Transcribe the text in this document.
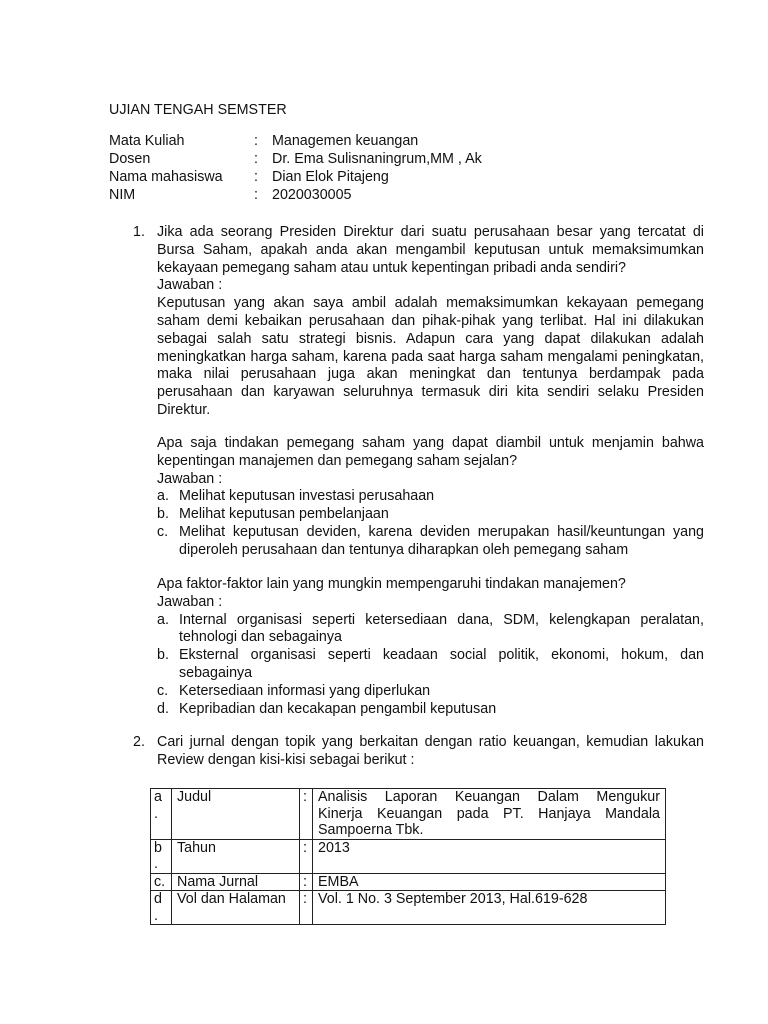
UJIAN TENGAH SEMSTER
Mata Kuliah	: Managemen keuangan
Dosen	: Dr. Ema Sulisnaningrum,MM , Ak
Nama mahasiswa	: Dian Elok Pitajeng
NIM	: 2020030005
1. Jika ada seorang Presiden Direktur dari suatu perusahaan besar yang tercatat di
Bursa Saham, apakah anda akan mengambil keputusan untuk memaksimumkan
kekayaan pemegang saham atau untuk kepentingan pribadi anda sendiri?
Jawaban :
Keputusan yang akan saya ambil adalah memaksimumkan kekayaan pemegang
saham demi kebaikan perusahaan dan pihak-pihak yang terlibat. Hal ini dilakukan
sebagai salah satu strategi bisnis. Adapun cara yang dapat dilakukan adalah
meningkatkan harga saham, karena pada saat harga saham mengalami peningkatan,
maka nilai perusahaan juga akan meningkat dan tentunya berdampak pada
perusahaan dan karyawan seluruhnya termasuk diri kita sendiri selaku Presiden
Direktur.
Apa saja tindakan pemegang saham yang dapat diambil untuk menjamin bahwa
kepentingan manajemen dan pemegang saham sejalan?
Jawaban :
a. Melihat keputusan investasi perusahaan
b. Melihat keputusan pembelanjaan
c. Melihat keputusan deviden, karena deviden merupakan hasil/keuntungan yang
diperoleh perusahaan dan tentunya diharapkan oleh pemegang saham
Apa faktor-faktor lain yang mungkin mempengaruhi tindakan manajemen?
Jawaban :
a. Internal organisasi seperti ketersediaan dana, SDM, kelengkapan peralatan,
tehnologi dan sebagainya
b. Eksternal organisasi seperti keadaan social politik, ekonomi, hokum, dan
sebagainya
c. Ketersediaan informasi yang diperlukan
d. Kepribadian dan kecakapan pengambil keputusan
2. Cari jurnal dengan topik yang berkaitan dengan ratio keuangan, kemudian lakukan
Review dengan kisi-kisi sebagai berikut :
a
.	Judul	:	Analisis Laporan Keuangan Dalam Mengukur
Kinerja Keuangan pada PT. Hanjaya Mandala
Sampoerna Tbk.

b
.	Tahun	:	2013
c.	Nama Jurnal	:	EMBA
d
.	Vol dan Halaman	:	Vol. 1 No. 3 September 2013, Hal.619-628
